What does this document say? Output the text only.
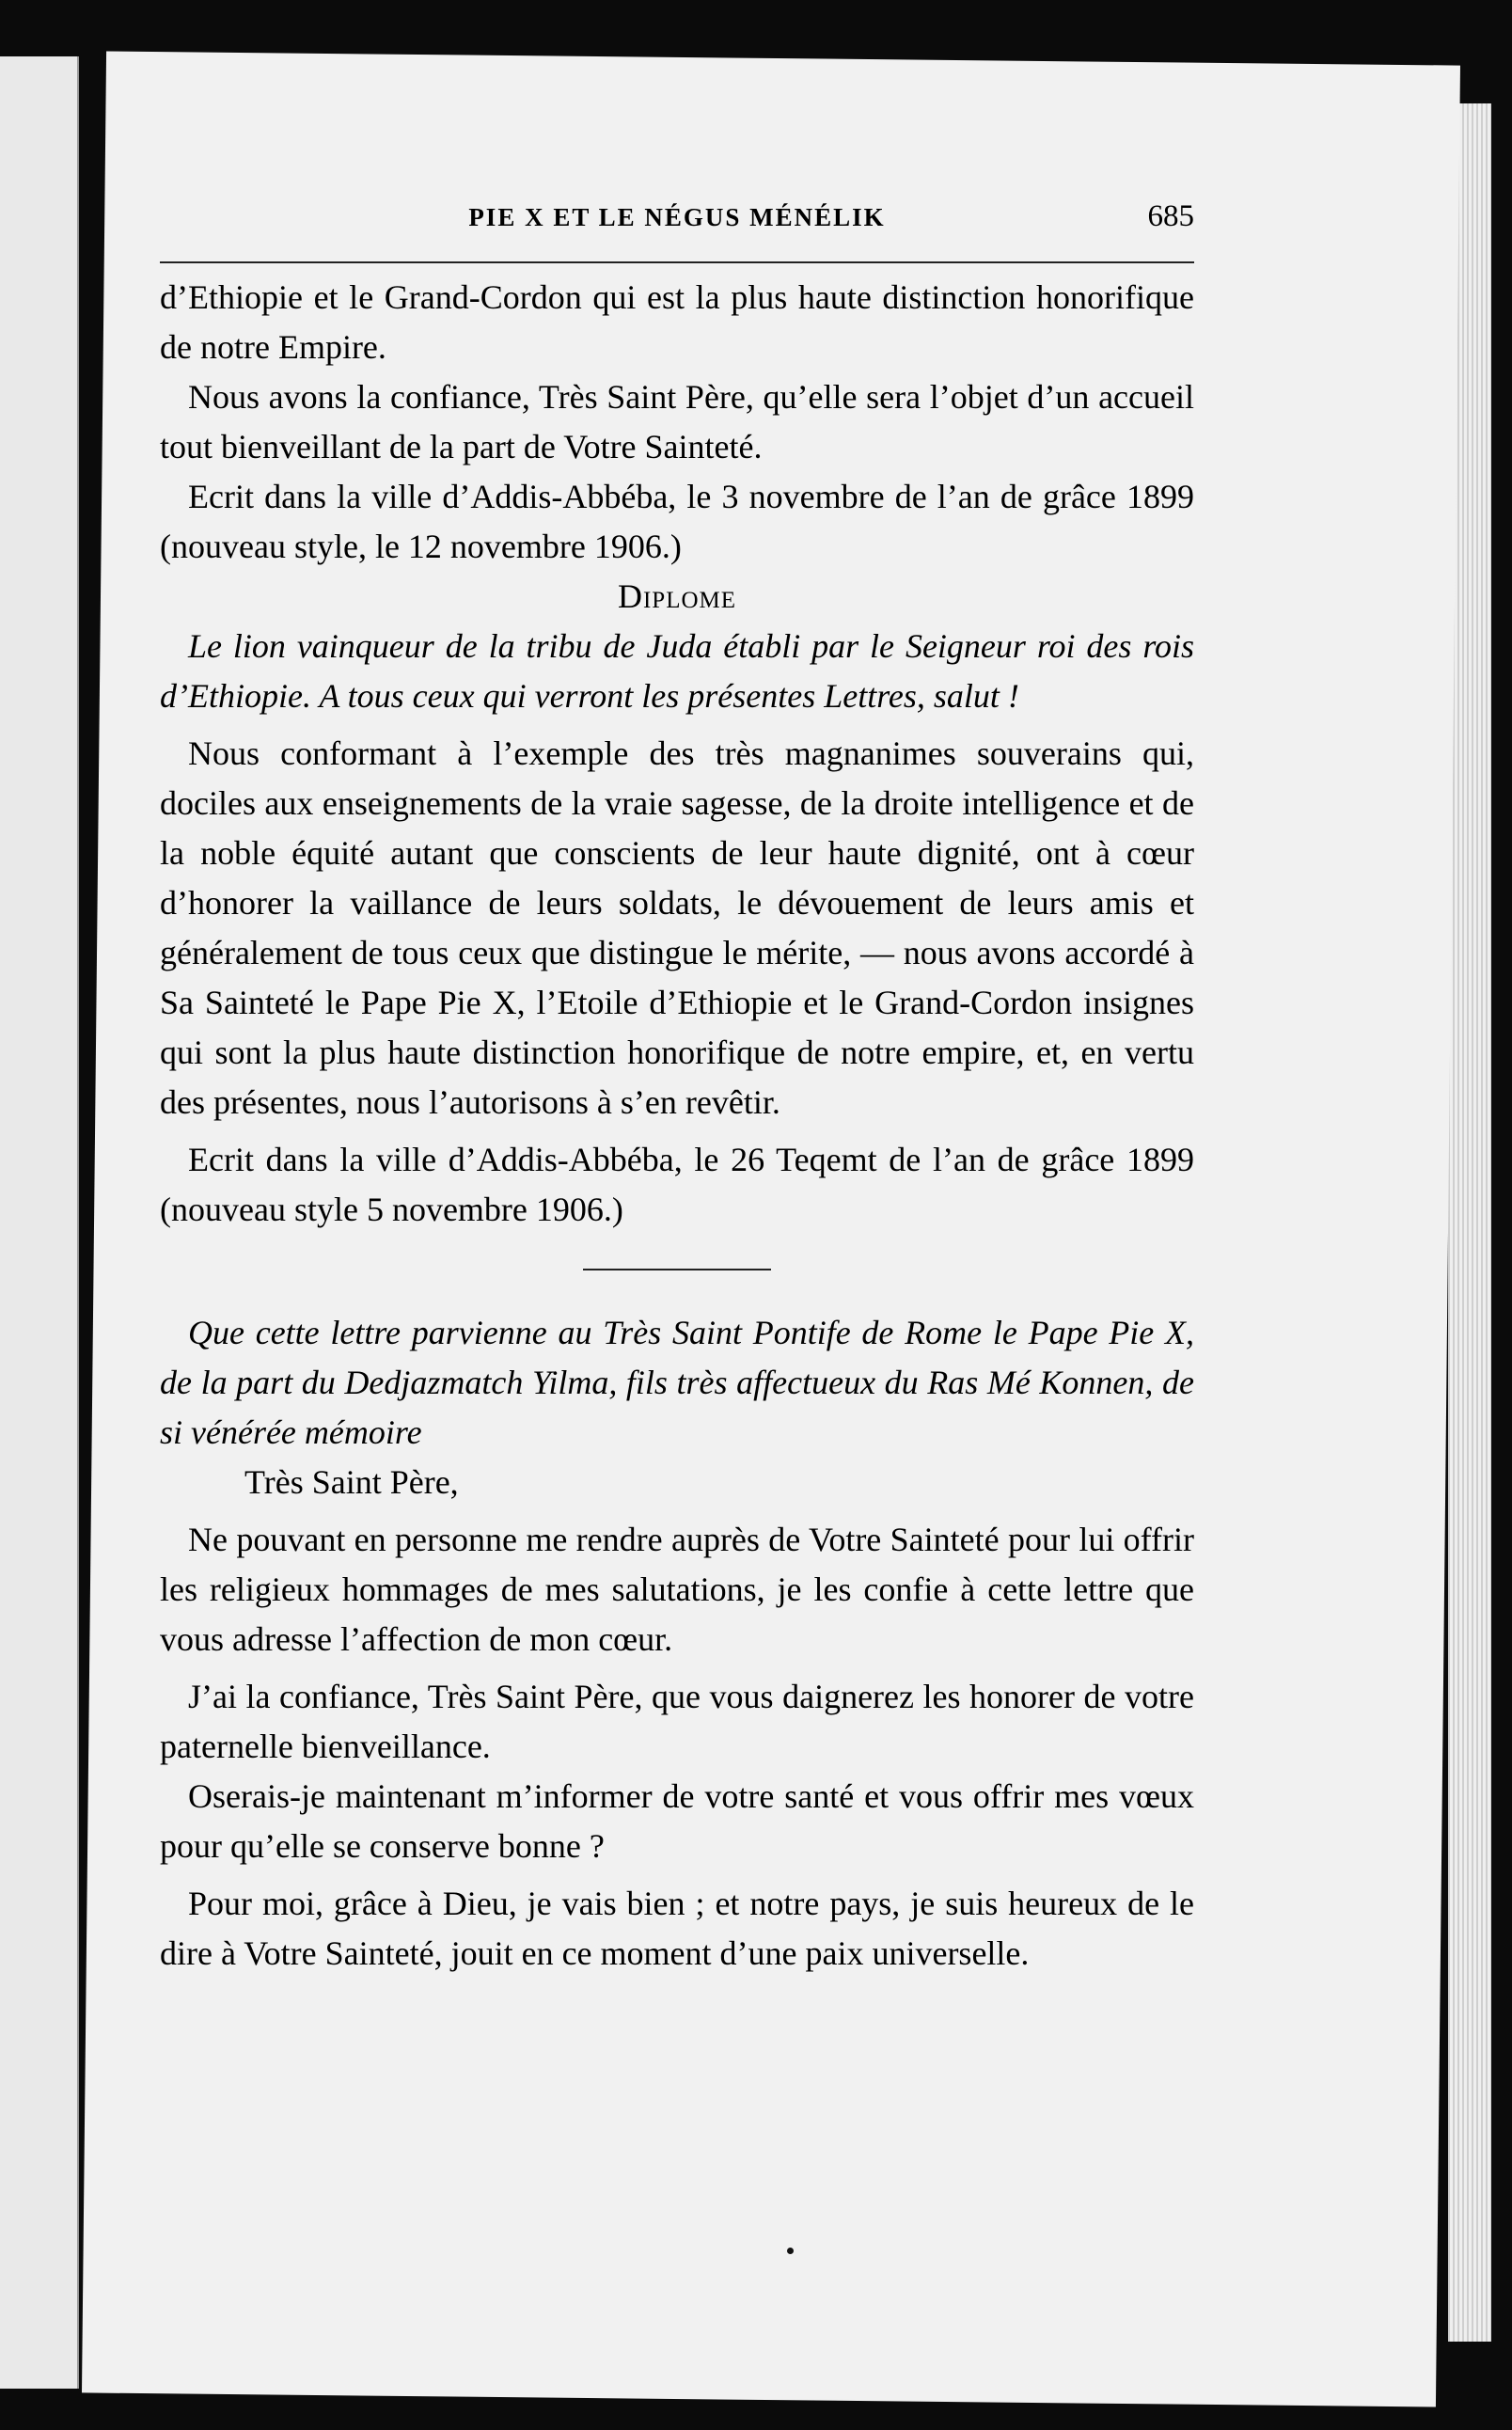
PIE X ET LE NÉGUS MÉNÉLIK	685

d’Ethiopie et le Grand-Cordon qui est la plus haute distinction honorifique de notre Empire.

Nous avons la confiance, Très Saint Père, qu’elle sera l’objet d’un accueil tout bienveillant de la part de Votre Sainteté.

Ecrit dans la ville d’Addis-Abbéba, le 3 novembre de l’an de grâce 1899 (nouveau style, le 12 novembre 1906.)

Diplome

Le lion vainqueur de la tribu de Juda établi par le Seigneur roi des rois d’Ethiopie. A tous ceux qui verront les présentes Lettres, salut !

Nous conformant à l’exemple des très magnanimes souverains qui, dociles aux enseignements de la vraie sagesse, de la droite intelligence et de la noble équité autant que conscients de leur haute dignité, ont à cœur d’honorer la vaillance de leurs soldats, le dévouement de leurs amis et généralement de tous ceux que distingue le mérite, — nous avons accordé à Sa Sainteté le Pape Pie X, l’Etoile d’Ethiopie et le Grand-Cordon insignes qui sont la plus haute distinction honorifique de notre empire, et, en vertu des présentes, nous l’autorisons à s’en revêtir.

Ecrit dans la ville d’Addis-Abbéba, le 26 Teqemt de l’an de grâce 1899 (nouveau style 5 novembre 1906.)

Que cette lettre parvienne au Très Saint Pontife de Rome le Pape Pie X, de la part du Dedjazmatch Yilma, fils très affectueux du Ras Mé Konnen, de si vénérée mémoire

Très Saint Père,

Ne pouvant en personne me rendre auprès de Votre Sainteté pour lui offrir les religieux hommages de mes salutations, je les confie à cette lettre que vous adresse l’affection de mon cœur.

J’ai la confiance, Très Saint Père, que vous daignerez les honorer de votre paternelle bienveillance.

Oserais-je maintenant m’informer de votre santé et vous offrir mes vœux pour qu’elle se conserve bonne ?

Pour moi, grâce à Dieu, je vais bien ; et notre pays, je suis heureux de le dire à Votre Sainteté, jouit en ce moment d’une paix universelle.
